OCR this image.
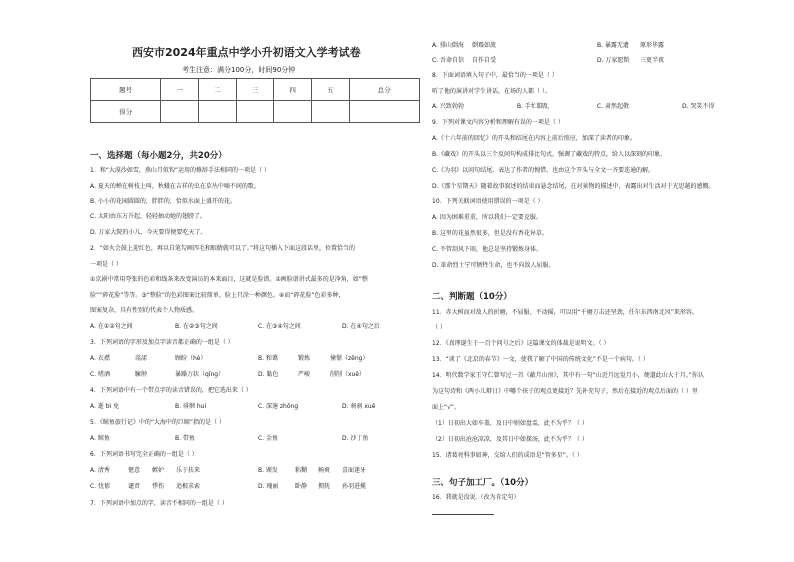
西安市2024年重点中学小升初语文入学考试卷
考生注意：满分100分，时间90分钟
题号	一	二	三	四	五	总分
得分						
一、选择题（每小题2分，共20分）
1．和“大漠沙如雪，燕山月似钩”运用的修辞手法相同的一项是（ ）
A. 夏天的蝉在树枝上叫，秋蛾在吉祥的虫在草丛中嘀不间的歌。
B. 小小的花园圆圆的，胖胖的，恰似水面上盛开的花。
C. 太阳由东方升起，轻轻抽动她的翅膀了。
D. 万家大院的小儿，今天要得便要吃天了。
2．“如火会鼓上迎红色，再以自笔勾画四毛和眼睛就可以了。”将这句插入下面这段话里，位置恰当的
一项是（ ）
①京剧中常用夸张的色彩和线条来改变演员的本来面目，这就是脸谱。②画脸谱讲式最多的是净角，如“整
脸”“碎花脸”等等。③“整脸”的色彩图案比较简单，脸上只涂一种颜色。④而“碎花脸”色彩多种，
图案复杂，具有性别的代表个人物质感。
A. 在①②句之间	B. 在②③句之间	C. 在③④句之间	D. 在④句之后
3．下列词语的字形及加点字读音都正确的一组是（ ）
A. 衣襟	荡漾	顾盼（hè）	B. 和蔼	锻炼	憧憬（zēng）
C. 嗜酒	臃肿	暴躁万状（qīng）	D. 黏色	严峻	削削（xuē）
4．下列词语中有一个带点字的读音错误的，把它选出来（ ）
A. 逝 bì 免	B. 徘徊 huí	C. 深邃 zhōng	D. 刹刹 xuē
5．《鲸鱼旅行记》中的“大海中的巨鲸”指的是（ ）
A. 鲸鱼	B. 带鱼	C. 金鱼	D. 沙丁鱼
6．下列词语书写完全正确的一组是（ ）
A. 清秀	惬意 嫉妒 乐于扶来	B. 颁发	粘糊 畅爽 喜面逢牙
C. 忧郁	谴责 悸伤 追根求索	D. 瑰丽	卧静 拥抚 孙羽进揽
7．下列词语中加点的字，读音不相同的一组是（ ）
A. 排山倒海 倒霉如流	B. 暴露无遗 原形毕露
C. 吾命自信 自作自受	D. 万家愿斯 三更半夜
8．下面词语填入句子中，最恰当的一项是（ ）
听了他的演讲对学生讲话，在场的人都（ ）。
A. 兴致勃勃	B. 手忙脚乱	C. 肃然起敬	D. 哭笑不得
9．下列对课文内容分析和理解有误的一项是（ ）
A.《十六年前的回忆》的开头和结尾在内容上前后照应，加深了读者的印象。
B.《藏戏》的开头以三个反问句构成排比句式，强调了藏戏的特点，给人以深刻的印象。
C.《为羽》以问句结尾，表达了作者的惋惜，也由这个开头与全文一齐要连通的解。
D.《那个星期天》随着故事叙述的结束而悬念结尾，在对景物的描述中，表露出对生活对于光思越的感慨。
10．下列关联词语使用错误的一项是（ ）
A. 因为困难重重，所以我们一定要克服。
B. 这里的花虽然很多，但是没有香花异草。
C. 不管刮风下雨，他总是坚持锻炼身体。
D. 革命烈士宁可牺牲生命，也不向敌人屈服。
二、判断题（10分）
11．赤大树而对敌人的折磨，不屈服、不动摇，可以用“千磨万击还坚劲，任尔东西南北风”来形容。
（ ）
12．《真理诞生于一百个问号之后》这篇课文的体裁是说明文。（ ）
13．“谈了《北京的春节》一文，使我了解了中国的传统文化”不是一个病句。（ ）
14．明代数学家王守仁曾写过一首《蔽月山房》，其中有一句“山近月远觉月小，便道此山大于月。”你认
为这句诗和《两小儿辩日》中哪个孩子的观点更接近？先补充句子，然后在接近的观点后面的（ ）里
面上“√”。
（1）日初出大如车盖，及日中则如盘盂，此不为乎？（ ）
（2）日初出沧沧凉凉，及其日中如探汤，此不为乎？（ ）
15．诸葛亮科事如神，交给人们的成语是“智多星”。（ ）
三、句子加工厂。（10分）
16．我就是没说.（改为肯定句）
